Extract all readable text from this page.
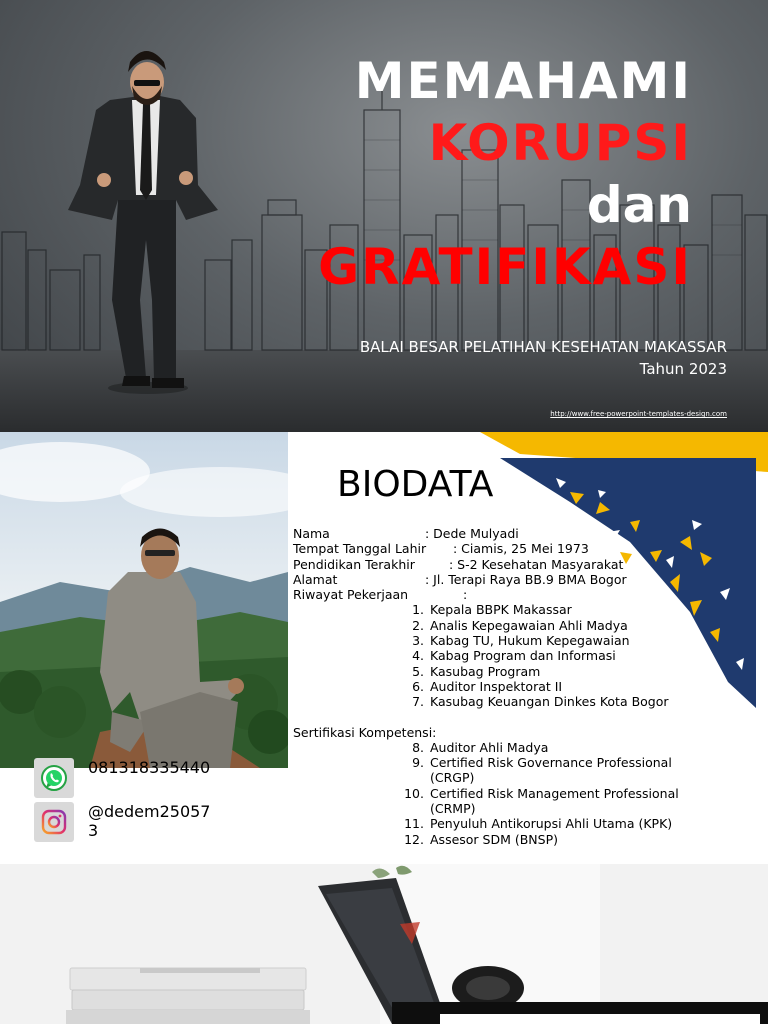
MEMAHAMI
KORUPSI
dan
GRATIFIKASI
BALAI BESAR PELATIHAN KESEHATAN MAKASSAR
Tahun 2023
http://www.free-powerpoint-templates-design.com
BIODATA
Nama	: Dede Mulyadi
Tempat Tanggal Lahir	: Ciamis, 25 Mei 1973
Pendidikan Terakhir	: S-2 Kesehatan Masyarakat
Alamat	: Jl. Terapi Raya BB.9 BMA Bogor
Riwayat Pekerjaan	:
1. Kepala BBPK Makassar
2. Analis Kepegawaian Ahli Madya
3. Kabag TU, Hukum Kepegawaian
4. Kabag Program dan Informasi
5. Kasubag Program
6. Auditor Inspektorat II
7. Kasubag Keuangan Dinkes Kota Bogor
Sertifikasi Kompetensi:
8. Auditor Ahli Madya
9. Certified Risk Governance Professional (CRGP)
10. Certified Risk Management Professional (CRMP)
11. Penyuluh Antikorupsi Ahli Utama (KPK)
12. Assesor SDM (BNSP)
081318335440
@dedem250573
